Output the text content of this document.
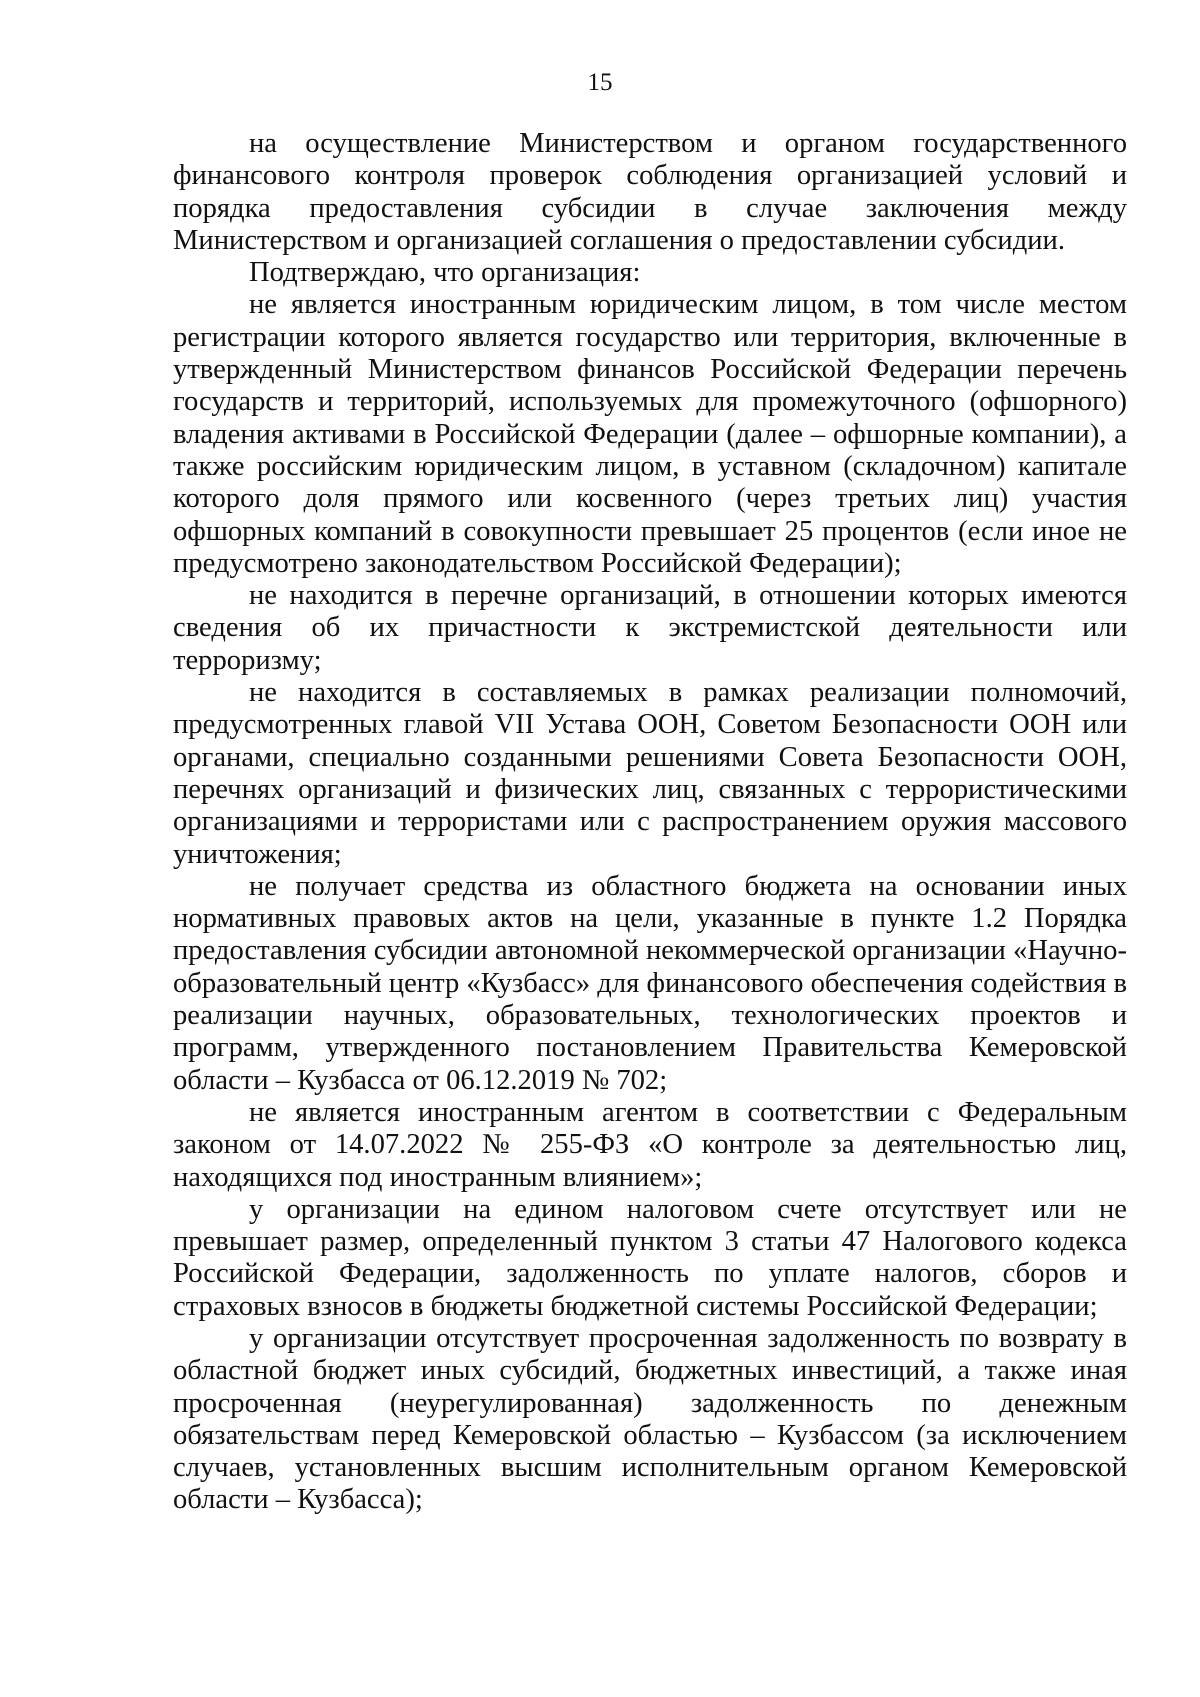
15

на осуществление Министерством и органом государственного финансового контроля проверок соблюдения организацией условий и порядка предоставления субсидии в случае заключения между Министерством и организацией соглашения о предоставлении субсидии.

Подтверждаю, что организация:

не является иностранным юридическим лицом, в том числе местом регистрации которого является государство или территория, включенные в утвержденный Министерством финансов Российской Федерации перечень государств и территорий, используемых для промежуточного (офшорного) владения активами в Российской Федерации (далее – офшорные компании), а также российским юридическим лицом, в уставном (складочном) капитале которого доля прямого или косвенного (через третьих лиц) участия офшорных компаний в совокупности превышает 25 процентов (если иное не предусмотрено законодательством Российской Федерации);

не находится в перечне организаций, в отношении которых имеются сведения об их причастности к экстремистской деятельности или терроризму;

не находится в составляемых в рамках реализации полномочий, предусмотренных главой VII Устава ООН, Советом Безопасности ООН или органами, специально созданными решениями Совета Безопасности ООН, перечнях организаций и физических лиц, связанных с террористическими организациями и террористами или с распространением оружия массового уничтожения;

не получает средства из областного бюджета на основании иных нормативных правовых актов на цели, указанные в пункте 1.2 Порядка предоставления субсидии автономной некоммерческой организации «Научно-образовательный центр «Кузбасс» для финансового обеспечения содействия в реализации научных, образовательных, технологических проектов и программ, утвержденного постановлением Правительства Кемеровской области – Кузбасса от 06.12.2019 № 702;

не является иностранным агентом в соответствии с Федеральным законом от 14.07.2022 № 255-ФЗ «О контроле за деятельностью лиц, находящихся под иностранным влиянием»;

у организации на едином налоговом счете отсутствует или не превышает размер, определенный пунктом 3 статьи 47 Налогового кодекса Российской Федерации, задолженность по уплате налогов, сборов и страховых взносов в бюджеты бюджетной системы Российской Федерации;

у организации отсутствует просроченная задолженность по возврату в областной бюджет иных субсидий, бюджетных инвестиций, а также иная просроченная (неурегулированная) задолженность по денежным обязательствам перед Кемеровской областью – Кузбассом (за исключением случаев, установленных высшим исполнительным органом Кемеровской области – Кузбасса);
